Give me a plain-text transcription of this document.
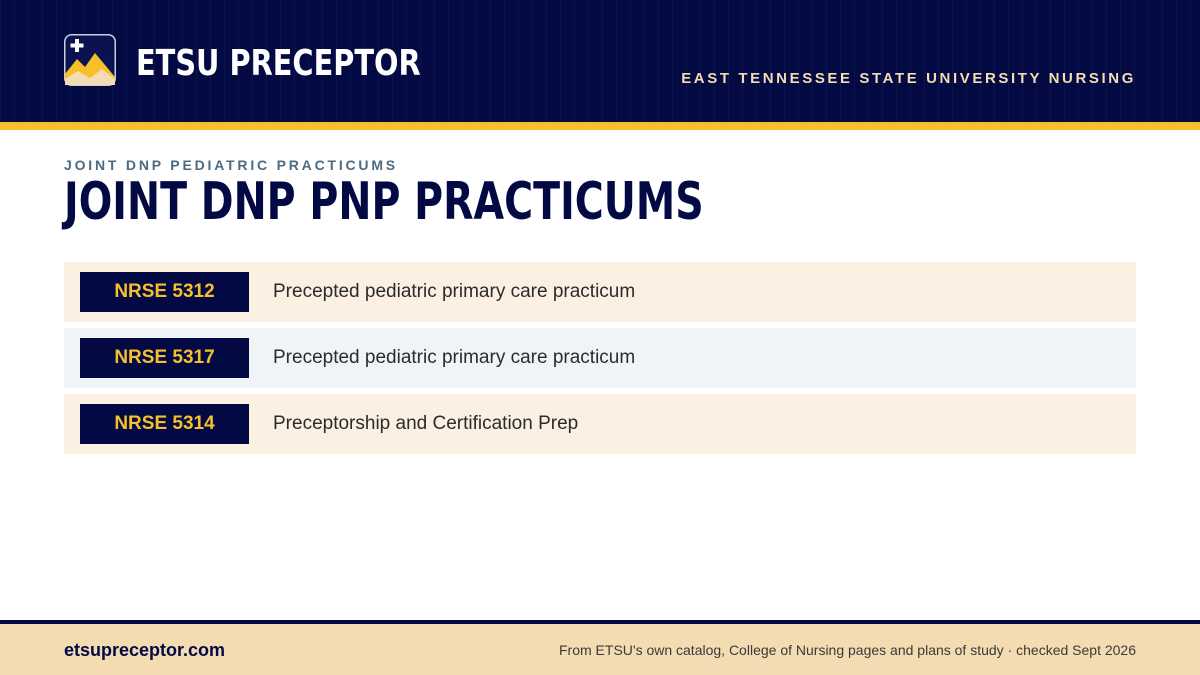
ETSU PRECEPTOR	EAST TENNESSEE STATE UNIVERSITY NURSING
JOINT DNP PEDIATRIC PRACTICUMS
JOINT DNP PNP PRACTICUMS
NRSE 5312	Precepted pediatric primary care practicum
NRSE 5317	Precepted pediatric primary care practicum
NRSE 5314	Preceptorship and Certification Prep
etsupreceptor.com	From ETSU's own catalog, College of Nursing pages and plans of study · checked Sept 2026
